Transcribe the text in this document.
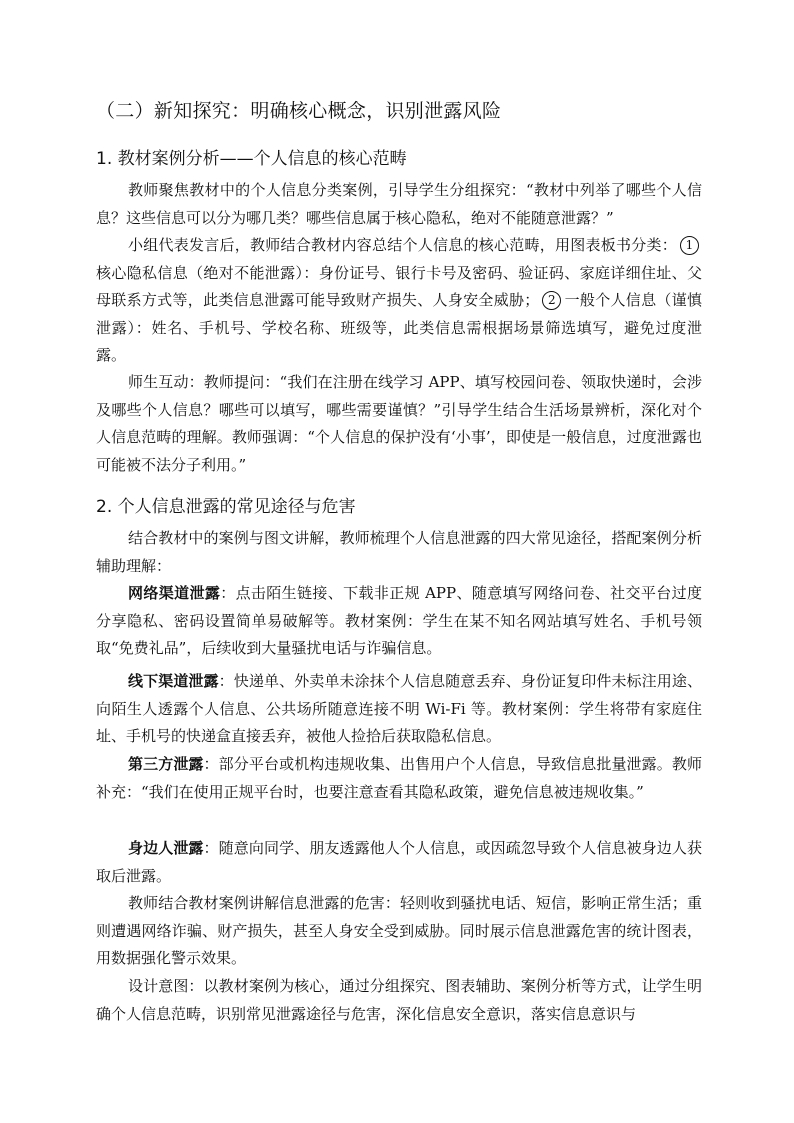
（二）新知探究：明确核心概念，识别泄露风险
1. 教材案例分析——个人信息的核心范畴

教师聚焦教材中的个人信息分类案例，引导学生分组探究：“教材中列举了哪些个人信息？这些信息可以分为哪几类？哪些信息属于核心隐私，绝对不能随意泄露？”

小组代表发言后，教师结合教材内容总结个人信息的核心范畴，用图表板书分类： 1核心隐私信息（绝对不能泄露）：身份证号、银行卡号及密码、验证码、家庭详细住址、父母联系方式等，此类信息泄露可能导致财产损失、人身安全威胁； 2 一般个人信息（谨慎泄露）：姓名、手机号、学校名称、班级等，此类信息需根据场景筛选填写，避免过度泄露。

师生互动：教师提问：“我们在注册在线学习 APP、填写校园问卷、领取快递时，会涉及哪些个人信息？哪些可以填写，哪些需要谨慎？”引导学生结合生活场景辨析，深化对个人信息范畴的理解。教师强调：“个人信息的保护没有‘小事’，即使是一般信息，过度泄露也可能被不法分子利用。”

2. 个人信息泄露的常见途径与危害

结合教材中的案例与图文讲解，教师梳理个人信息泄露的四大常见途径，搭配案例分析辅助理解：

网络渠道泄露：点击陌生链接、下载非正规 APP、随意填写网络问卷、社交平台过度分享隐私、密码设置简单易破解等。教材案例：学生在某不知名网站填写姓名、手机号领取“免费礼品”，后续收到大量骚扰电话与诈骗信息。

线下渠道泄露：快递单、外卖单未涂抹个人信息随意丢弃、身份证复印件未标注用途、向陌生人透露个人信息、公共场所随意连接不明 Wi-Fi 等。教材案例：学生将带有家庭住址、手机号的快递盒直接丢弃，被他人捡拾后获取隐私信息。

第三方泄露：部分平台或机构违规收集、出售用户个人信息，导致信息批量泄露。教师补充：“我们在使用正规平台时，也要注意查看其隐私政策，避免信息被违规收集。”

身边人泄露：随意向同学、朋友透露他人个人信息，或因疏忽导致个人信息被身边人获取后泄露。

教师结合教材案例讲解信息泄露的危害：轻则收到骚扰电话、短信，影响正常生活；重则遭遇网络诈骗、财产损失，甚至人身安全受到威胁。同时展示信息泄露危害的统计图表，用数据强化警示效果。

设计意图：以教材案例为核心，通过分组探究、图表辅助、案例分析等方式，让学生明确个人信息范畴，识别常见泄露途径与危害，深化信息安全意识，落实信息意识与
